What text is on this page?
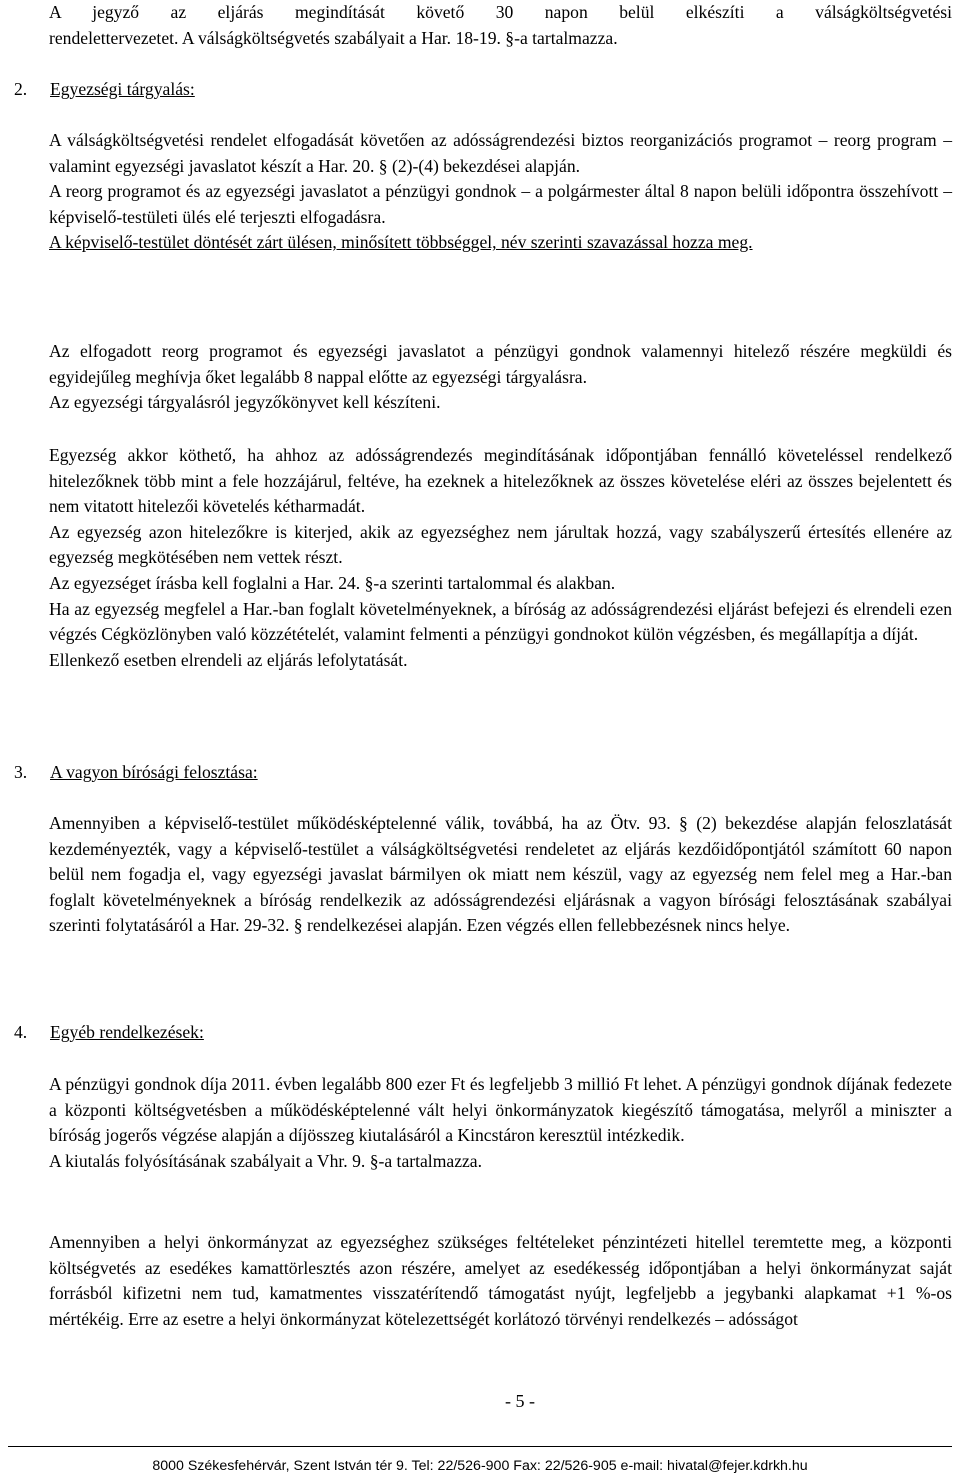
A jegyző az eljárás megindítását követő 30 napon belül elkészíti a válságköltségvetési

rendelettervezetet. A válságköltségvetés szabályait a Har. 18-19. §-a tartalmazza.

2. Egyezségi tárgyalás:

A válságköltségvetési rendelet elfogadását követően az adósságrendezési biztos reorganizációs programot – reorg program – valamint egyezségi javaslatot készít a Har. 20. § (2)-(4) bekezdései alapján.

A reorg programot és az egyezségi javaslatot a pénzügyi gondnok – a polgármester által 8 napon belüli időpontra összehívott – képviselő-testületi ülés elé terjeszti elfogadásra.

A képviselő-testület döntését zárt ülésen, minősített többséggel, név szerinti szavazással hozza meg.

Az elfogadott reorg programot és egyezségi javaslatot a pénzügyi gondnok valamennyi hitelező részére megküldi és egyidejűleg meghívja őket legalább 8 nappal előtte az egyezségi tárgyalásra.

Az egyezségi tárgyalásról jegyzőkönyvet kell készíteni.

Egyezség akkor köthető, ha ahhoz az adósságrendezés megindításának időpontjában fennálló követeléssel rendelkező hitelezőknek több mint a fele hozzájárul, feltéve, ha ezeknek a hitelezőknek az összes követelése eléri az összes bejelentett és nem vitatott hitelezői követelés kétharmadát.

Az egyezség azon hitelezőkre is kiterjed, akik az egyezséghez nem járultak hozzá, vagy szabályszerű értesítés ellenére az egyezség megkötésében nem vettek részt.

Az egyezséget írásba kell foglalni a Har. 24. §-a szerinti tartalommal és alakban.

Ha az egyezség megfelel a Har.-ban foglalt követelményeknek, a bíróság az adósságrendezési eljárást befejezi és elrendeli ezen végzés Cégközlönyben való közzétételét, valamint felmenti a pénzügyi gondnokot külön végzésben, és megállapítja a díját.

Ellenkező esetben elrendeli az eljárás lefolytatását.

3. A vagyon bírósági felosztása:

Amennyiben a képviselő-testület működésképtelenné válik, továbbá, ha az Ötv. 93. § (2) bekezdése alapján feloszlatását kezdeményezték, vagy a képviselő-testület a válságköltségvetési rendeletet az eljárás kezdőidőpontjától számított 60 napon belül nem fogadja el, vagy egyezségi javaslat bármilyen ok miatt nem készül, vagy az egyezség nem felel meg a Har.-ban foglalt követelményeknek a bíróság rendelkezik az adósságrendezési eljárásnak a vagyon bírósági felosztásának szabályai szerinti folytatásáról a Har. 29-32. § rendelkezései alapján. Ezen végzés ellen fellebbezésnek nincs helye.

4. Egyéb rendelkezések:

A pénzügyi gondnok díja 2011. évben legalább 800 ezer Ft és legfeljebb 3 millió Ft lehet. A pénzügyi gondnok díjának fedezete a központi költségvetésben a működésképtelenné vált helyi önkormányzatok kiegészítő támogatása, melyről a miniszter a bíróság jogerős végzése alapján a díjösszeg kiutalásáról a Kincstáron keresztül intézkedik.

A kiutalás folyósításának szabályait a Vhr. 9. §-a tartalmazza.

Amennyiben a helyi önkormányzat az egyezséghez szükséges feltételeket pénzintézeti hitellel teremtette meg, a központi költségvetés az esedékes kamattörlesztés azon részére, amelyet az esedékesség időpontjában a helyi önkormányzat saját forrásból kifizetni nem tud, kamatmentes visszatérítendő támogatást nyújt, legfeljebb a jegybanki alapkamat +1 %-os mértékéig. Erre az esetre a helyi önkormányzat kötelezettségét korlátozó törvényi rendelkezés – adósságot

- 5 -
8000 Székesfehérvár, Szent István tér 9. Tel: 22/526-900 Fax: 22/526-905 e-mail: hivatal@fejer.kdrkh.hu
